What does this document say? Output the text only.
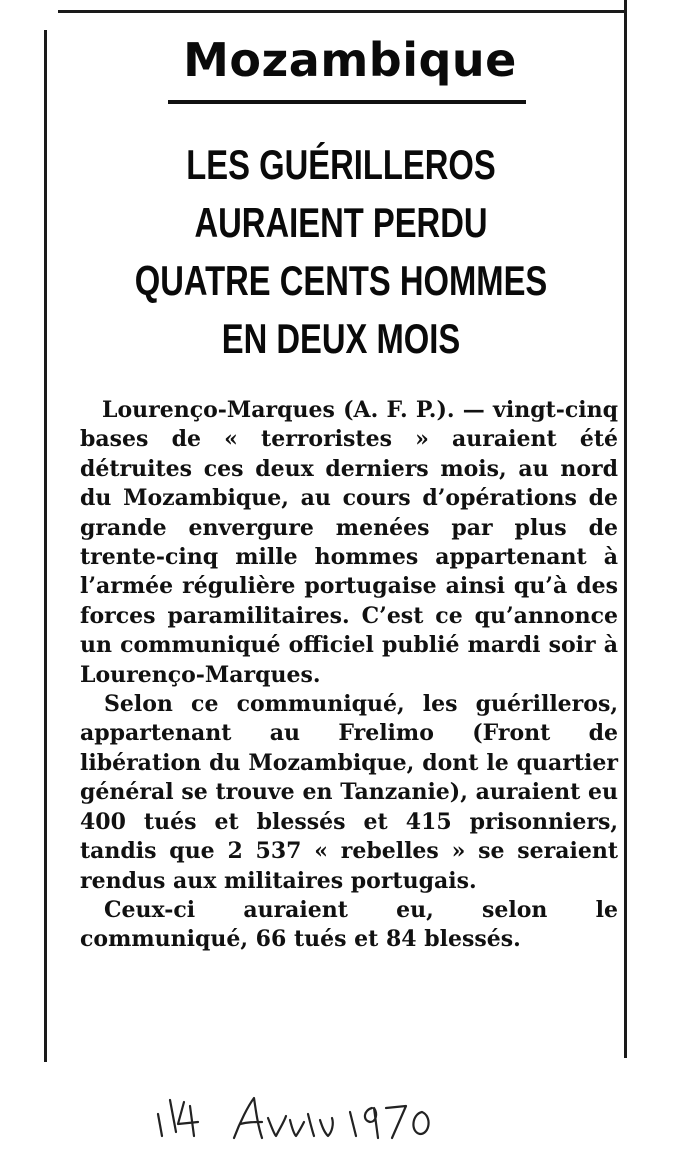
Mozambique
LES GUÉRILLEROS
AURAIENT PERDU
QUATRE CENTS HOMMES
EN DEUX MOIS

Lourenço-Marques (A. F. P.). — vingt-cinq bases de « terroristes » auraient été détruites ces deux derniers mois, au nord du Mozambique, au cours d’opérations de grande envergure menées par plus de trente-cinq mille hommes appartenant à l’armée régulière portugaise ainsi qu’à des forces paramilitaires. C’est ce qu’annonce un communiqué officiel publié mardi soir à Lourenço-Marques.

Selon ce communiqué, les guérilleros, appartenant au Frelimo (Front de libération du Mozambique, dont le quartier général se trouve en Tanzanie), auraient eu 400 tués et blessés et 415 prisonniers, tandis que 2 537 « rebelles » se seraient rendus aux militaires portugais.

Ceux-ci auraient eu, selon le communiqué, 66 tués et 84 blessés.
